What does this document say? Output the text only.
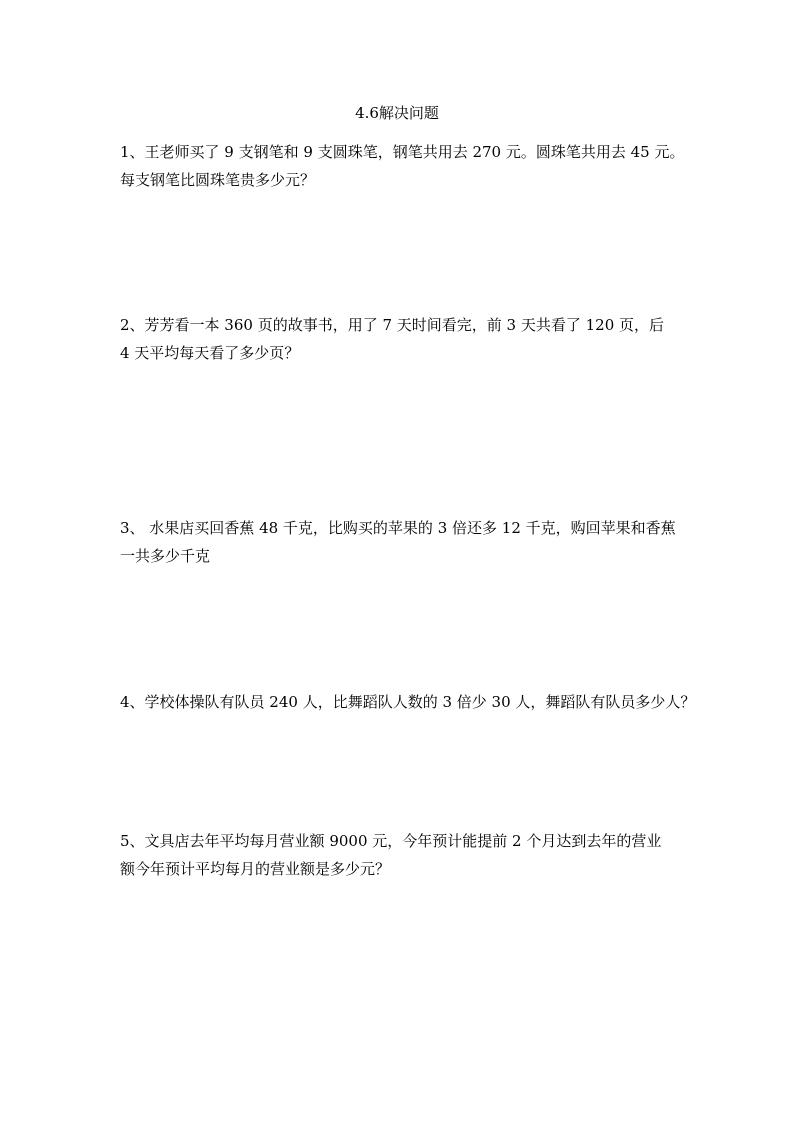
4.6解决问题
1、王老师买了 9 支钢笔和 9 支圆珠笔，钢笔共用去 270 元。圆珠笔共用去 45 元。
每支钢笔比圆珠笔贵多少元？
2、芳芳看一本 360 页的故事书，用了 7 天时间看完，前 3 天共看了 120 页，后
4 天平均每天看了多少页？
3、 水果店买回香蕉 48 千克，比购买的苹果的 3 倍还多 12 千克，购回苹果和香蕉
一共多少千克
4、学校体操队有队员 240 人，比舞蹈队人数的 3 倍少 30 人，舞蹈队有队员多少人？
5、文具店去年平均每月营业额 9000 元，今年预计能提前 2 个月达到去年的营业
额今年预计平均每月的营业额是多少元？
